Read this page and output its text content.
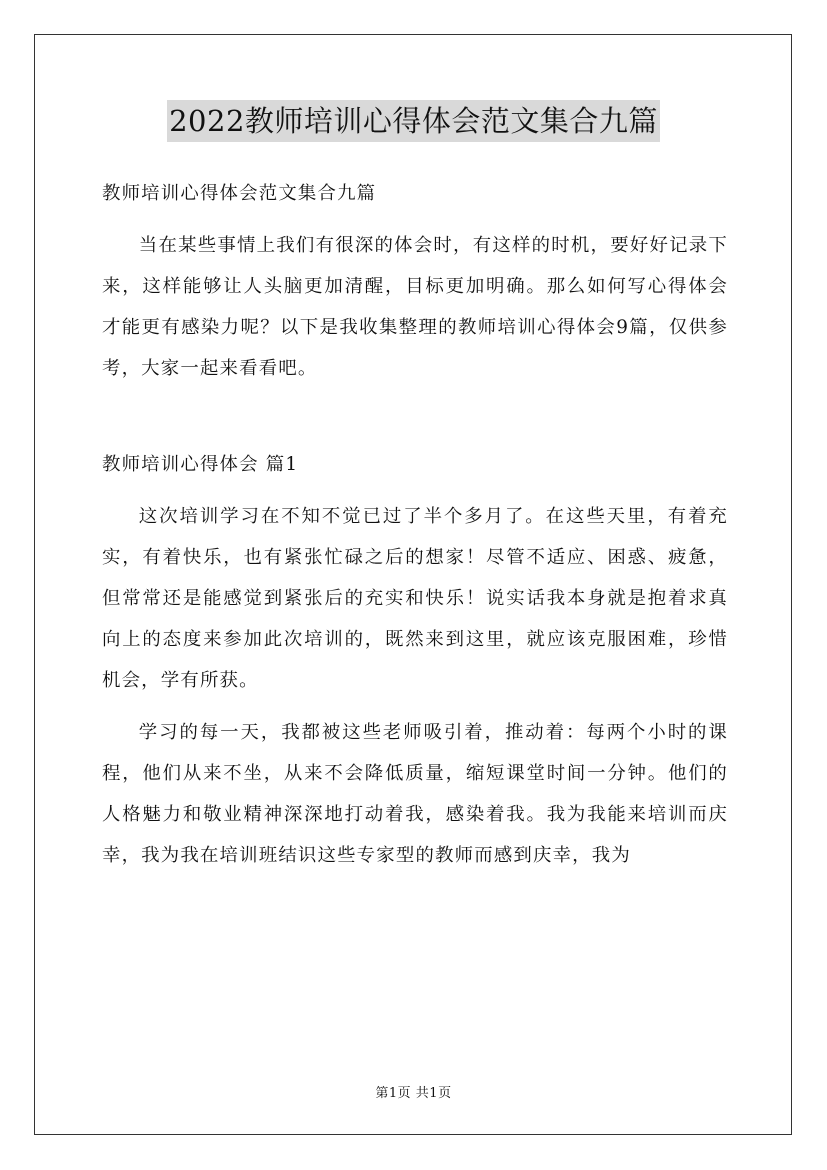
2022教师培训心得体会范文集合九篇

教师培训心得体会范文集合九篇

当在某些事情上我们有很深的体会时，有这样的时机，要好好记录下来，这样能够让人头脑更加清醒，目标更加明确。那么如何写心得体会才能更有感染力呢？以下是我收集整理的教师培训心得体会9篇，仅供参考，大家一起来看看吧。

教师培训心得体会 篇1

这次培训学习在不知不觉已过了半个多月了。在这些天里，有着充实，有着快乐，也有紧张忙碌之后的想家！尽管不适应、困惑、疲惫，但常常还是能感觉到紧张后的充实和快乐！说实话我本身就是抱着求真向上的态度来参加此次培训的，既然来到这里，就应该克服困难，珍惜机会，学有所获。

学习的每一天，我都被这些老师吸引着，推动着：每两个小时的课程，他们从来不坐，从来不会降低质量，缩短课堂时间一分钟。他们的人格魅力和敬业精神深深地打动着我，感染着我。我为我能来培训而庆幸，我为我在培训班结识这些专家型的教师而感到庆幸，我为

第1页 共1页
